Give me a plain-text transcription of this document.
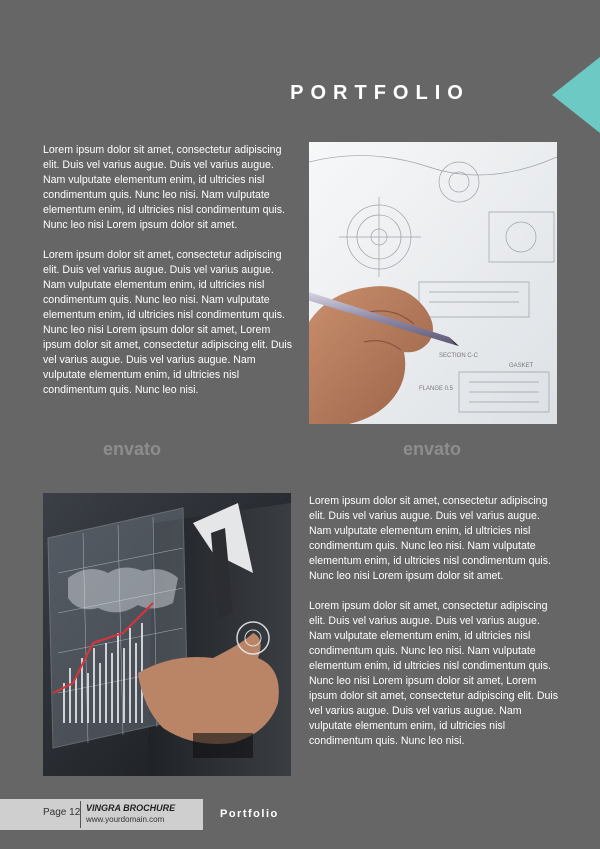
PORTFOLIO

Lorem ipsum dolor sit amet, consectetur adipiscing elit. Duis vel varius augue. Duis vel varius augue. Nam vulputate elementum enim, id ultricies nisl condimentum quis. Nunc leo nisi. Nam vulputate elementum enim, id ultricies nisl condimentum quis. Nunc leo nisi Lorem ipsum dolor sit amet.

Lorem ipsum dolor sit amet, consectetur adipiscing elit. Duis vel varius augue. Duis vel varius augue. Nam vulputate elementum enim, id ultricies nisl condimentum quis. Nunc leo nisi. Nam vulputate elementum enim, id ultricies nisl condimentum quis. Nunc leo nisi Lorem ipsum dolor sit amet, Lorem ipsum dolor sit amet, consectetur adipiscing elit. Duis vel varius augue. Duis vel varius augue. Nam vulputate elementum enim, id ultricies nisl condimentum quis. Nunc leo nisi.

SECTION C-C
FLANGE 0.5
GASKET
envato	envato

Lorem ipsum dolor sit amet, consectetur adipiscing elit. Duis vel varius augue. Duis vel varius augue. Nam vulputate elementum enim, id ultricies nisl condimentum quis. Nunc leo nisi. Nam vulputate elementum enim, id ultricies nisl condimentum quis. Nunc leo nisi Lorem ipsum dolor sit amet.

Lorem ipsum dolor sit amet, consectetur adipiscing elit. Duis vel varius augue. Duis vel varius augue. Nam vulputate elementum enim, id ultricies nisl condimentum quis. Nunc leo nisi. Nam vulputate elementum enim, id ultricies nisl condimentum quis. Nunc leo nisi Lorem ipsum dolor sit amet, Lorem ipsum dolor sit amet, consectetur adipiscing elit. Duis vel varius augue. Duis vel varius augue. Nam vulputate elementum enim, id ultricies nisl condimentum quis. Nunc leo nisi.

Page 12 VINGRA BROCHURE
www.yourdomain.com	Portfolio
